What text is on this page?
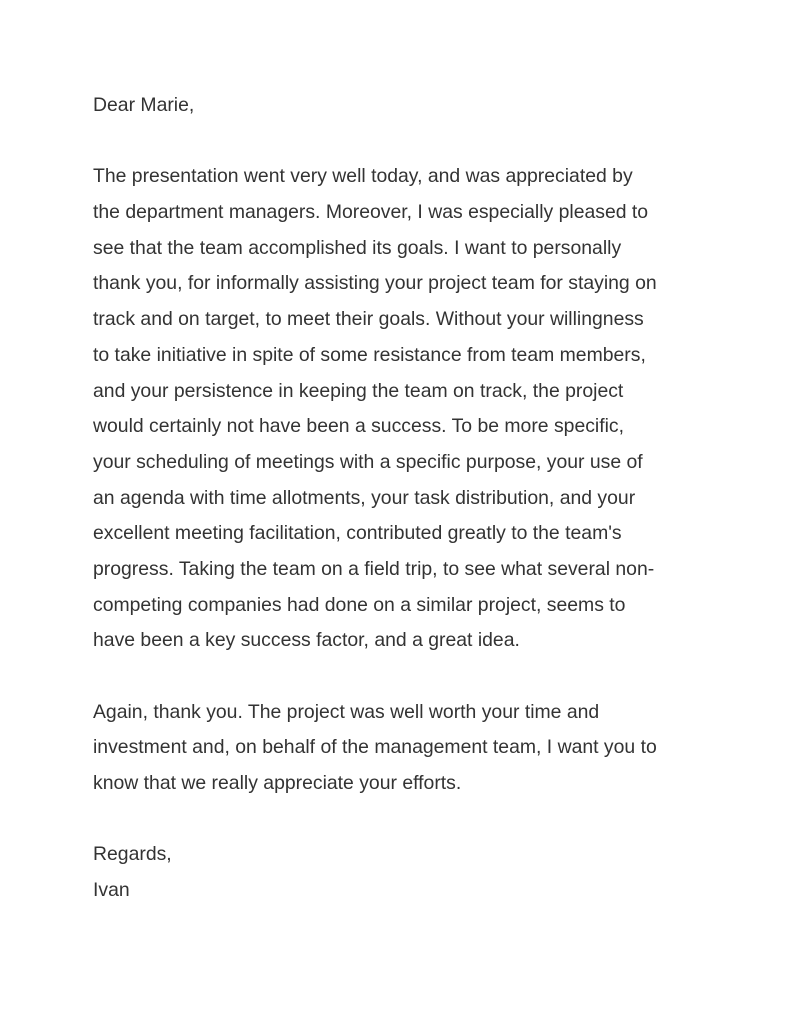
Dear Marie,
The presentation went very well today, and was appreciated by
the department managers. Moreover, I was especially pleased to
see that the team accomplished its goals. I want to personally
thank you, for informally assisting your project team for staying on
track and on target, to meet their goals. Without your willingness
to take initiative in spite of some resistance from team members,
and your persistence in keeping the team on track, the project
would certainly not have been a success. To be more specific,
your scheduling of meetings with a specific purpose, your use of
an agenda with time allotments, your task distribution, and your
excellent meeting facilitation, contributed greatly to the team's
progress. Taking the team on a field trip, to see what several non-
competing companies had done on a similar project, seems to
have been a key success factor, and a great idea.
Again, thank you. The project was well worth your time and
investment and, on behalf of the management team, I want you to
know that we really appreciate your efforts.
Regards,
Ivan
